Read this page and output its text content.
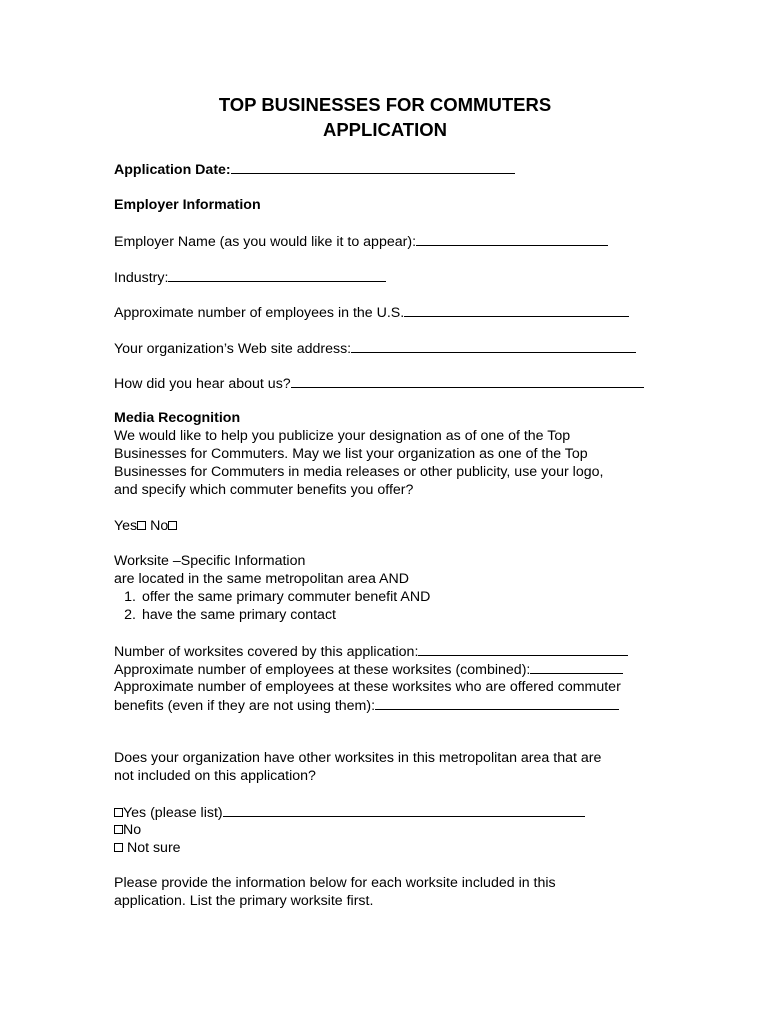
TOP BUSINESSES FOR COMMUTERS
APPLICATION
Application Date:
Employer Information
Employer Name (as you would like it to appear):
Industry:
Approximate number of employees in the U.S.
Your organization’s Web site address:
How did you hear about us?
Media Recognition
We would like to help you publicize your designation as of one of the Top
Businesses for Commuters. May we list your organization as one of the Top
Businesses for Commuters in media releases or other publicity, use your logo,
and specify which commuter benefits you offer?
Yes No
Worksite –Specific Information
are located in the same metropolitan area AND
1. offer the same primary commuter benefit AND
2. have the same primary contact
Number of worksites covered by this application:
Approximate number of employees at these worksites (combined):
Approximate number of employees at these worksites who are offered commuter
benefits (even if they are not using them):
Does your organization have other worksites in this metropolitan area that are
not included on this application?
Yes (please list)
No
Not sure
Please provide the information below for each worksite included in this
application. List the primary worksite first.
